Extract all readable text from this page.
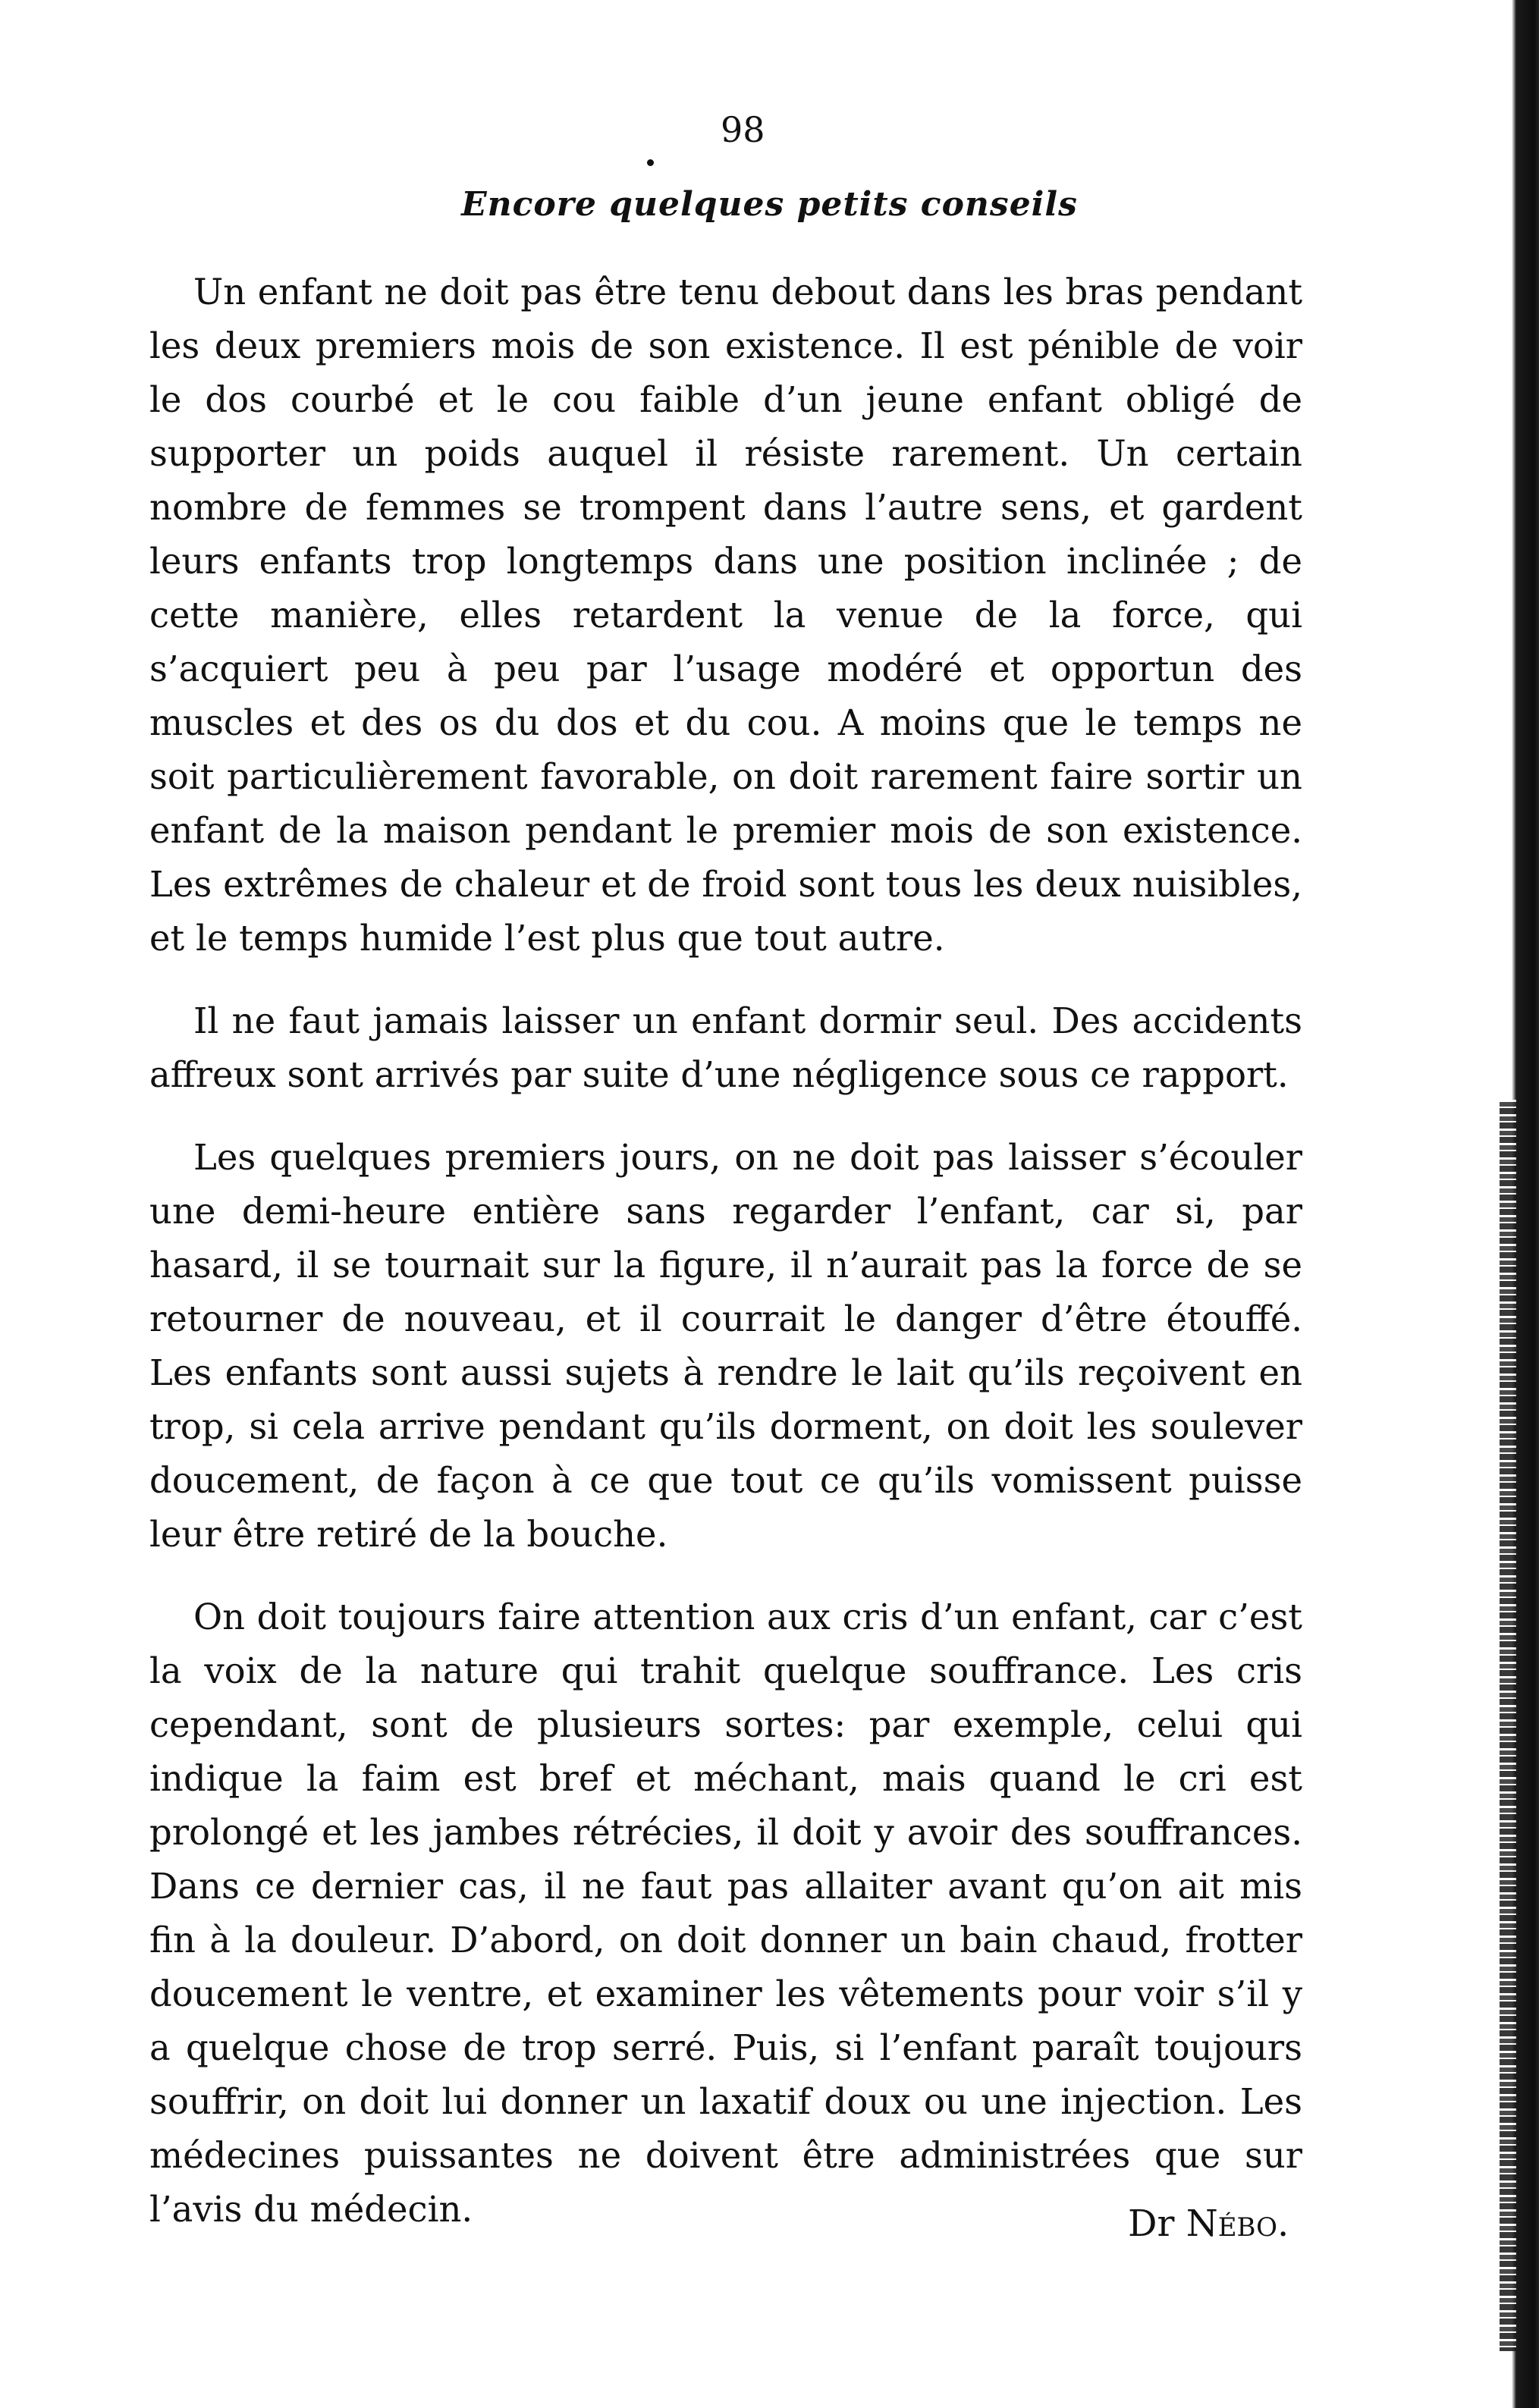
98
Encore quelques petits conseils

Un enfant ne doit pas être tenu debout dans les bras pendant les deux premiers mois de son existence. Il est pénible de voir le dos courbé et le cou faible d’un jeune enfant obligé de supporter un poids auquel il résiste rarement. Un certain nombre de femmes se trompent dans l’autre sens, et gardent leurs enfants trop longtemps dans une position inclinée ; de cette manière, elles retardent la venue de la force, qui s’acquiert peu à peu par l’usage modéré et opportun des muscles et des os du dos et du cou. A moins que le temps ne soit particulièrement favorable, on doit rarement faire sortir un enfant de la maison pendant le premier mois de son existence. Les extrêmes de chaleur et de froid sont tous les deux nuisibles, et le temps humide l’est plus que tout autre.

Il ne faut jamais laisser un enfant dormir seul. Des accidents affreux sont arrivés par suite d’une négligence sous ce rapport.

Les quelques premiers jours, on ne doit pas laisser s’écouler une demi-heure entière sans regarder l’enfant, car si, par hasard, il se tournait sur la figure, il n’aurait pas la force de se retourner de nouveau, et il courrait le danger d’être étouffé. Les enfants sont aussi sujets à rendre le lait qu’ils reçoivent en trop, si cela arrive pendant qu’ils dorment, on doit les soulever doucement, de façon à ce que tout ce qu’ils vomissent puisse leur être retiré de la bouche.

On doit toujours faire attention aux cris d’un enfant, car c’est la voix de la nature qui trahit quelque souffrance. Les cris cependant, sont de plusieurs sortes: par exemple, celui qui indique la faim est bref et méchant, mais quand le cri est prolongé et les jambes rétrécies, il doit y avoir des souffrances. Dans ce dernier cas, il ne faut pas allaiter avant qu’on ait mis fin à la douleur. D’abord, on doit donner un bain chaud, frotter doucement le ventre, et examiner les vêtements pour voir s’il y a quelque chose de trop serré. Puis, si l’enfant paraît toujours souffrir, on doit lui donner un laxatif doux ou une injection. Les médecines puissantes ne doivent être administrées que sur l’avis du médecin.	Dr Nébo.
